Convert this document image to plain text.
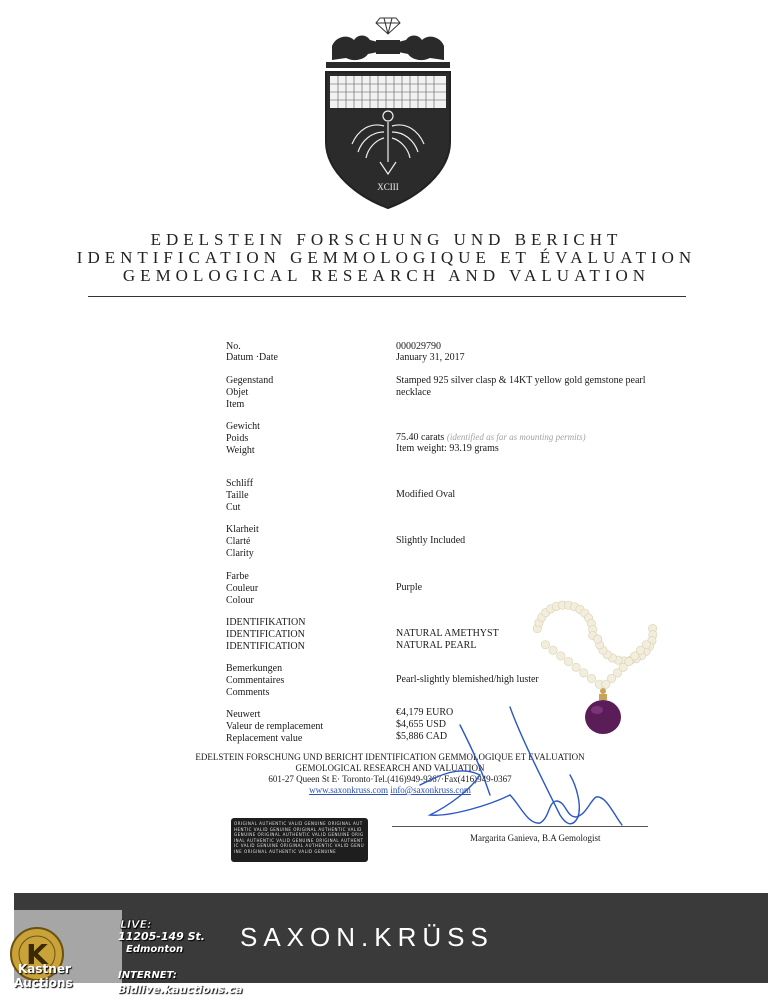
XCIII
EDELSTEIN FORSCHUNG UND BERICHT
IDENTIFICATION GEMMOLOGIQUE ET ÉVALUATION
GEMOLOGICAL RESEARCH AND VALUATION
No.
Datum ·Date
000029790
January 31, 2017
Gegenstand
Objet
Item
Stamped 925 silver clasp & 14KT yellow gold gemstone pearl
necklace
Gewicht
Poids
Weight
75.40 carats (identified as far as mounting permits)
Item weight: 93.19 grams
Schliff
Taille
Cut
Modified Oval
Klarheit
Clarté
Clarity
Slightly Included
Farbe
Couleur
Colour
Purple
IDENTIFIKATION
IDENTIFICATION
IDENTIFICATION
NATURAL AMETHYST
NATURAL PEARL
Bemerkungen
Commentaires
Comments
Pearl-slightly blemished/high luster
Neuwert
Valeur de remplacement
Replacement value
€4,179 EURO
$4,655 USD
$5,886 CAD
EDELSTEIN FORSCHUNG UND BERICHT IDENTIFICATION GEMMOLOGIQUE ET EVALUATION
GEMOLOGICAL RESEARCH AND VALUATION
601-27 Queen St E· Toronto·Tel.(416)949-9367·Fax(416)949-0367
www.saxonkruss.com info@saxonkruss.com
Margarita Ganieva, B.A Gemologist
ORIGINAL AUTHENTIC VALID GENUINE ORIGINAL AUTHENTIC VALID GENUINE ORIGINAL AUTHENTIC VALID GENUINE ORIGINAL AUTHENTIC VALID GENUINE ORIGINAL AUTHENTIC VALID GENUINE ORIGINAL AUTHENTIC VALID GENUINE ORIGINAL AUTHENTIC VALID GENUINE ORIGINAL AUTHENTIC VALID GENUINE
SAXON.KRÜSS
K
Kastner
Auctions
LIVE:
11205-149 St.
Edmonton
INTERNET:
Bidlive.kauctions.ca
